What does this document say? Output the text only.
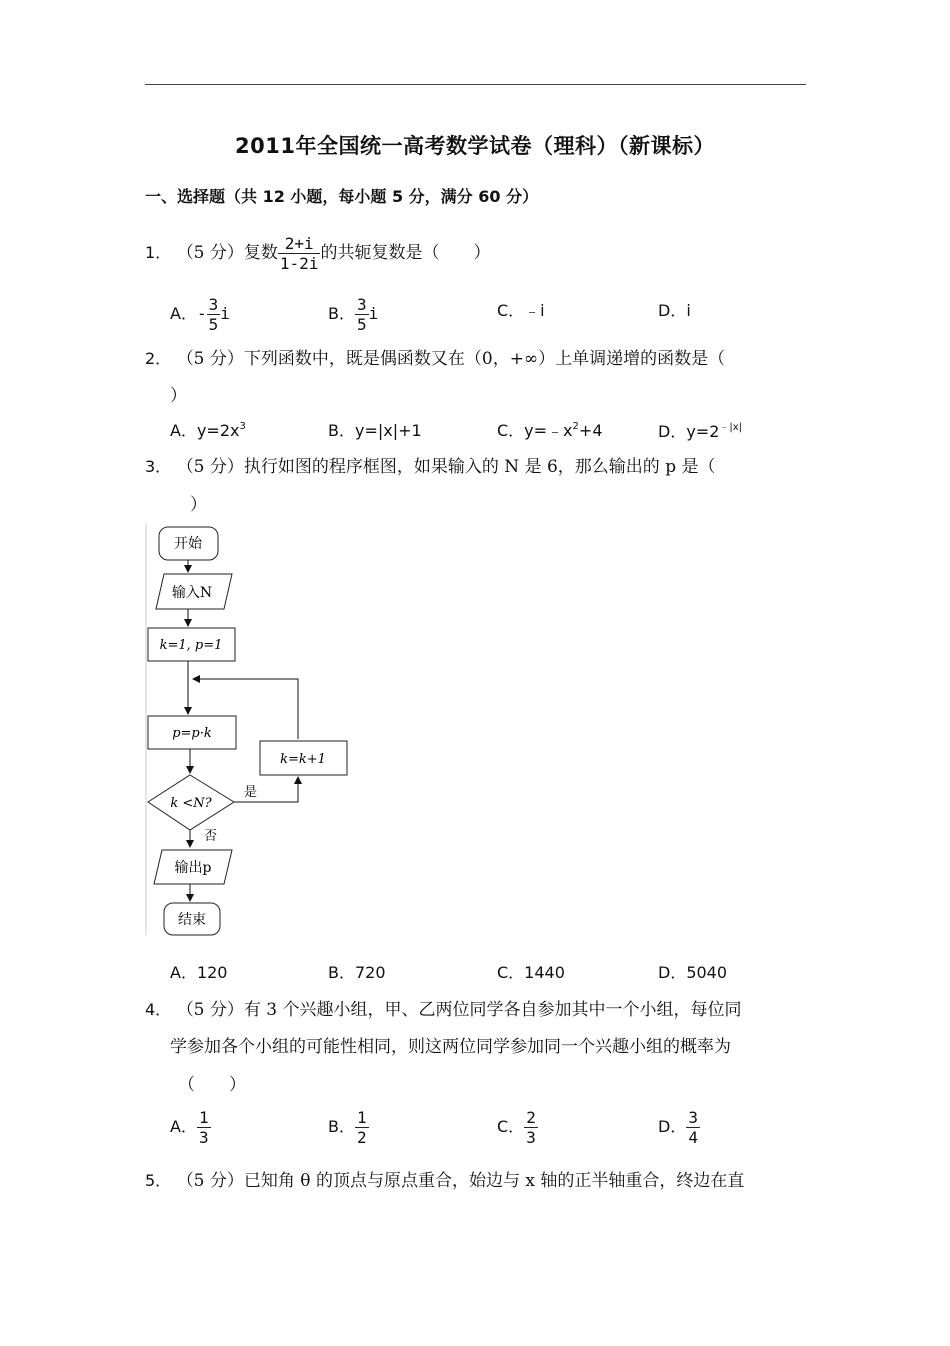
2011年全国统一高考数学试卷（理科）（新课标）
一、选择题（共 12 小题，每小题 5 分，满分 60 分）
1． （5 分）复数 $\frac{2+i}{1-2i}$ 的共轭复数是（　　）
A．- $\frac{3}{5}$ i	B． $\frac{3}{5}$ i	C．﹣i	D．i
2． （5 分）下列函数中，既是偶函数又在（0，+∞）上单调递增的函数是（
）
A．$y=2x^3$	B．y=|x|+1	C．$y=﹣x^2+4$	D．$y=2^{﹣|x|}$
3． （5 分）执行如图的程序框图，如果输入的 N 是 6，那么输出的 p 是（
）
开始
输入N
k=1, p=1
p=p·k
k=k+1
k <N?
是
否
输出p
结束
A．120	B．720	C．1440	D．5040
4． （5 分）有 3 个兴趣小组，甲、乙两位同学各自参加其中一个小组，每位同
学参加各个小组的可能性相同，则这两位同学参加同一个兴趣小组的概率为
（　　）
A． $\frac{1}{3}$	B． $\frac{1}{2}$	C． $\frac{2}{3}$	D． $\frac{3}{4}$
5． （5 分）已知角 θ 的顶点与原点重合，始边与 x 轴的正半轴重合，终边在直
